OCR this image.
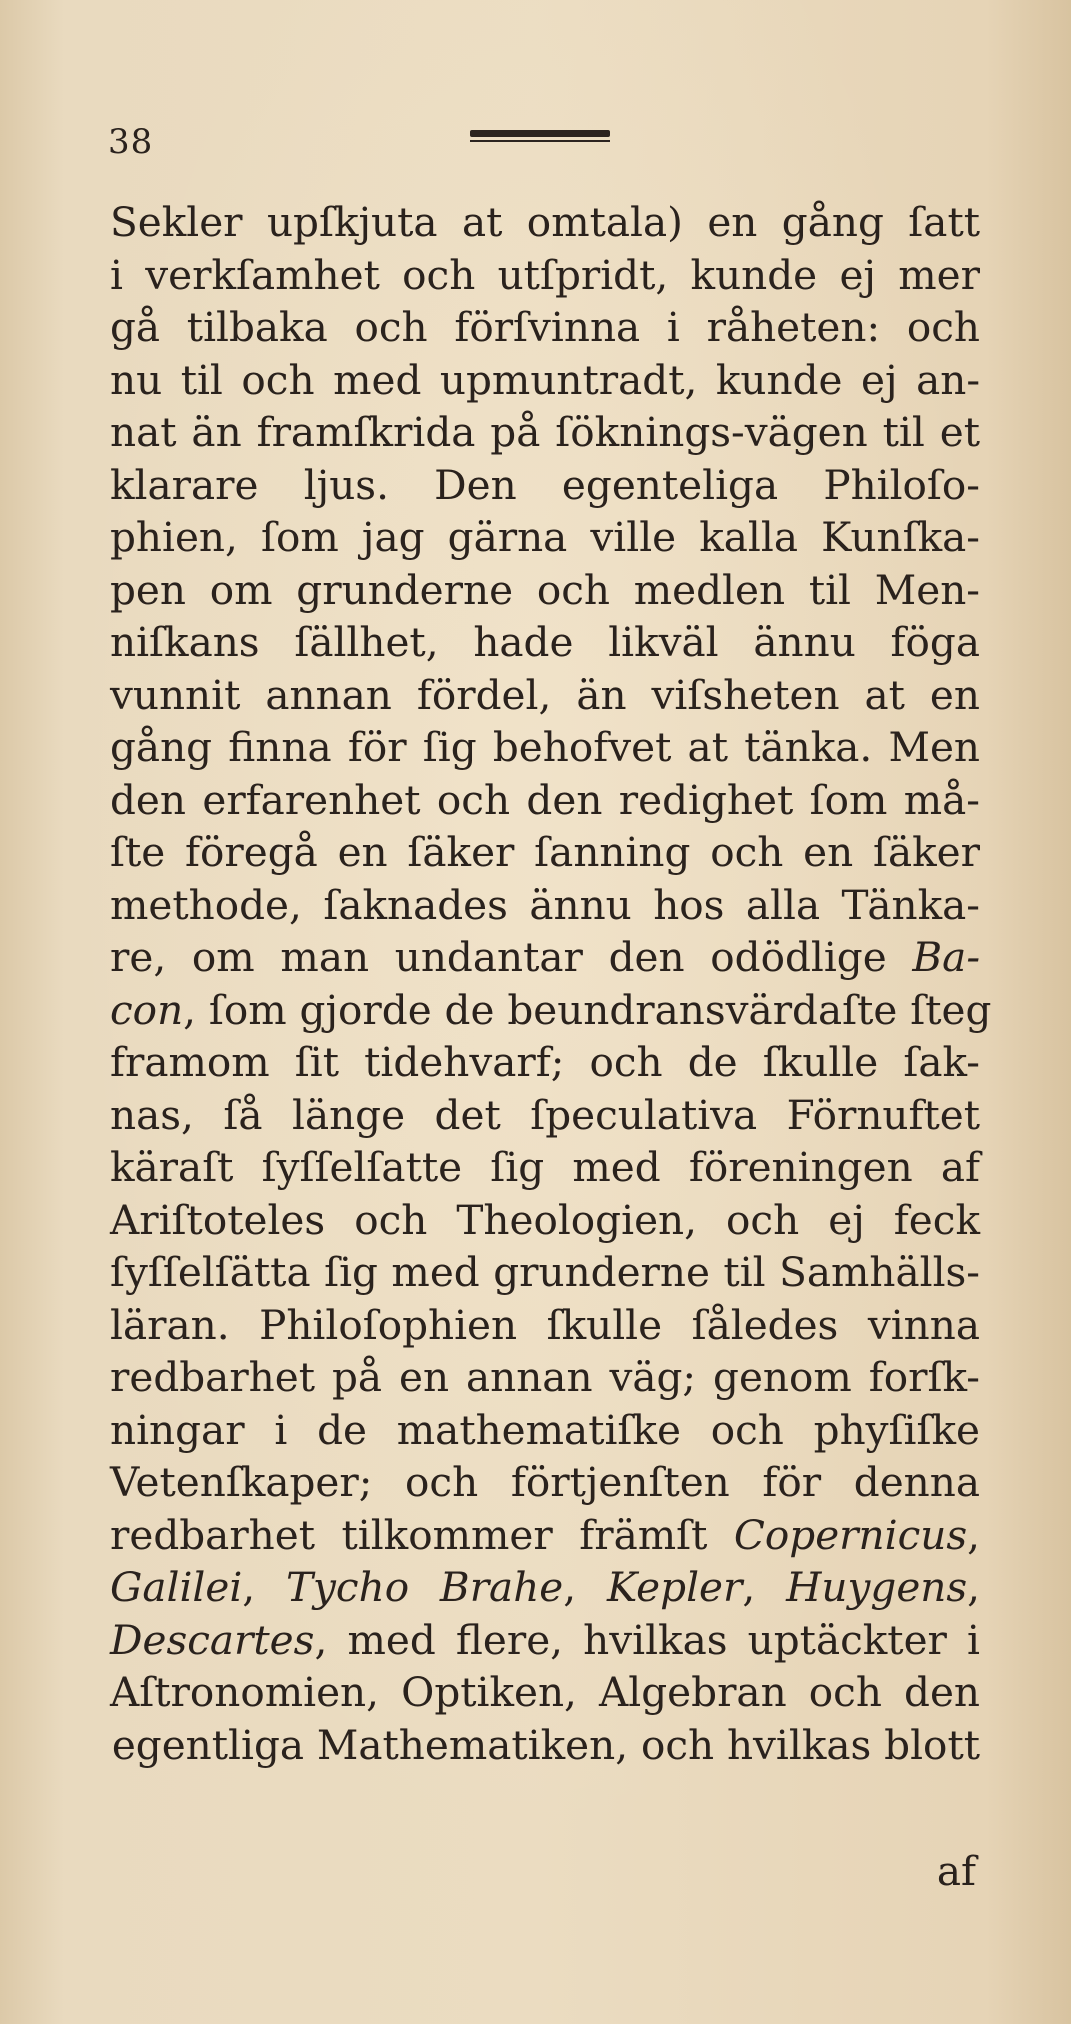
38
Sekler upſkjuta at omtala) en gång ſatt
i verkſamhet och utſpridt, kunde ej mer
gå tilbaka och förſvinna i råheten: och
nu til och med upmuntradt, kunde ej an-
nat än framſkrida på ſöknings-vägen til et
klarare ljus. Den egenteliga Philoſo-
phien, ſom jag gärna ville kalla Kunſka-
pen om grunderne och medlen til Men-
niſkans ſällhet, hade likväl ännu föga
vunnit annan fördel, än viſsheten at en
gång finna för ſig behofvet at tänka. Men
den erfarenhet och den redighet ſom må-
ſte föregå en ſäker ſanning och en ſäker
methode, ſaknades ännu hos alla Tänka-
re, om man undantar den odödlige Ba-
con, ſom gjorde de beundransvärdaſte ſteg
framom ſit tidehvarf; och de ſkulle ſak-
nas, ſå länge det ſpeculativa Förnuftet
käraſt ſyſſelſatte ſig med föreningen af
Ariſtoteles och Theologien, och ej feck
ſyſſelſätta ſig med grunderne til Samhälls-
läran. Philoſophien ſkulle ſåledes vinna
redbarhet på en annan väg; genom forſk-
ningar i de mathematiſke och phyſiſke
Vetenſkaper; och förtjenſten för denna
redbarhet tilkommer främſt Copernicus,
Galilei, Tycho Brahe, Kepler, Huygens,
Descartes, med flere, hvilkas uptäckter i
Aſtronomien, Optiken, Algebran och den
egentliga Mathematiken, och hvilkas blott
af
